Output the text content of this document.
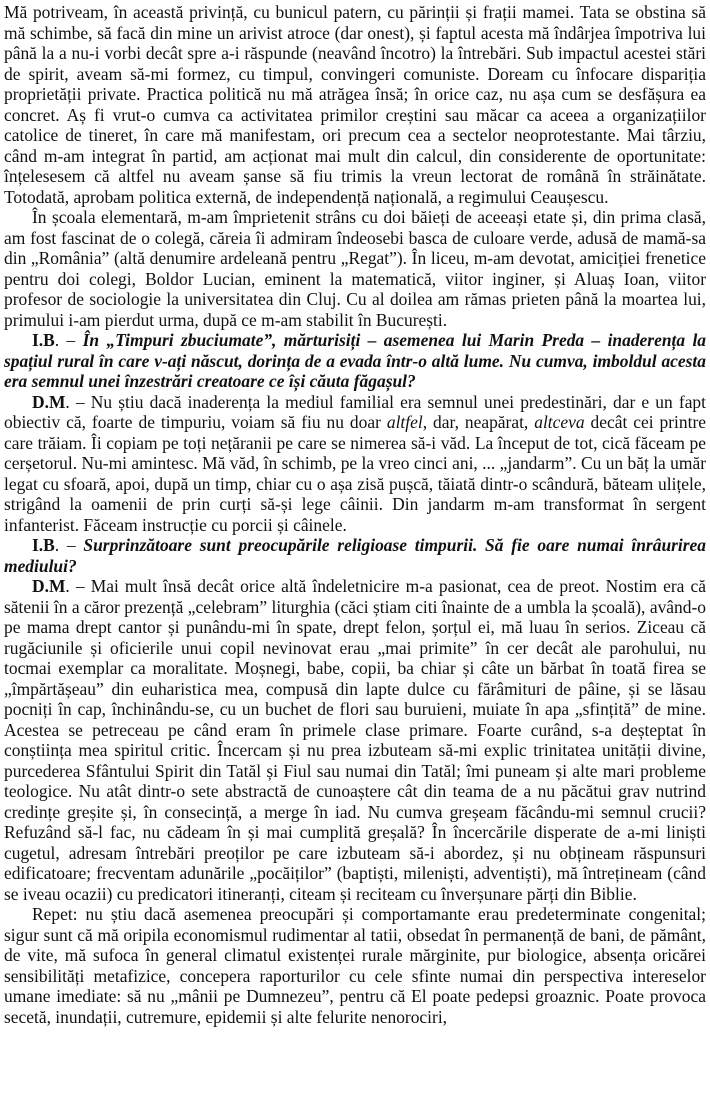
Mă potriveam, în această privință, cu bunicul patern, cu părinții și frații mamei. Tata se obstina să mă schimbe, să facă din mine un arivist atroce (dar onest), și faptul acesta mă îndârjea împotriva lui până la a nu-i vorbi decât spre a-i răspunde (neavând încotro) la întrebări. Sub impactul acestei stări de spirit, aveam să-mi formez, cu timpul, convingeri comuniste. Doream cu înfocare dispariția proprietății private. Practica politică nu mă atrăgea însă; în orice caz, nu așa cum se desfășura ea concret. Aș fi vrut-o cumva ca activitatea primilor creștini sau măcar ca aceea a organizațiilor catolice de tineret, în care mă manifestam, ori precum cea a sectelor neoprotestante. Mai târziu, când m-am integrat în partid, am acționat mai mult din calcul, din considerente de oportunitate: înțelesesem că altfel nu aveam șanse să fiu trimis la vreun lectorat de română în străinătate. Totodată, aprobam politica externă, de independență națională, a regimului Ceaușescu.

În școala elementară, m-am împrietenit strâns cu doi băieți de aceeași etate și, din prima clasă, am fost fascinat de o colegă, căreia îi admiram îndeosebi basca de culoare verde, adusă de mamă-sa din „România” (altă denumire ardeleană pentru „Regat”). În liceu, m-am devotat, amiciției frenetice pentru doi colegi, Boldor Lucian, eminent la matematică, viitor inginer, și Aluaș Ioan, viitor profesor de sociologie la universitatea din Cluj. Cu al doilea am rămas prieten până la moartea lui, primului i-am pierdut urma, după ce m-am stabilit în București.

I.B. – În „Timpuri zbuciumate”, mărturisiți – asemenea lui Marin Preda – inaderența la spațiul rural în care v-ați născut, dorința de a evada într-o altă lume. Nu cumva, imboldul acesta era semnul unei înzestrări creatoare ce își căuta făgașul?

D.M. – Nu știu dacă inaderența la mediul familial era semnul unei predestinări, dar e un fapt obiectiv că, foarte de timpuriu, voiam să fiu nu doar altfel, dar, neapărat, altceva decât cei printre care trăiam. Îi copiam pe toți nețăranii pe care se nimerea să-i văd. La început de tot, cică făceam pe cerșetorul. Nu-mi amintesc. Mă văd, în schimb, pe la vreo cinci ani, ... „jandarm”. Cu un băț la umăr legat cu sfoară, apoi, după un timp, chiar cu o așa zisă pușcă, tăiată dintr-o scândură, băteam ulițele, strigând la oamenii de prin curți să-și lege câinii. Din jandarm m-am transformat în sergent infanterist. Făceam instrucție cu porcii și câinele.

I.B. – Surprinzătoare sunt preocupările religioase timpurii. Să fie oare numai înrâurirea mediului?

D.M. – Mai mult însă decât orice altă îndeletnicire m-a pasionat, cea de preot. Nostim era că sătenii în a căror prezență „celebram” liturghia (căci știam citi înainte de a umbla la școală), având-o pe mama drept cantor și punându-mi în spate, drept felon, șorțul ei, mă luau în serios. Ziceau că rugăciunile și oficierile unui copil nevinovat erau „mai primite” în cer decât ale parohului, nu tocmai exemplar ca moralitate. Moșnegi, babe, copii, ba chiar și câte un bărbat în toată firea se „împărtășeau” din euharistica mea, compusă din lapte dulce cu fărâmituri de pâine, și se lăsau pocniți în cap, închinându-se, cu un buchet de flori sau buruieni, muiate în apa „sfințită” de mine. Acestea se petreceau pe când eram în primele clase primare. Foarte curând, s-a deșteptat în conștiința mea spiritul critic. Încercam și nu prea izbuteam să-mi explic trinitatea unității divine, purcederea Sfântului Spirit din Tatăl și Fiul sau numai din Tatăl; îmi puneam și alte mari probleme teologice. Nu atât dintr-o sete abstractă de cunoaștere cât din teama de a nu păcătui grav nutrind credințe greșite și, în consecință, a merge în iad. Nu cumva greșeam făcându-mi semnul crucii? Refuzând să-l fac, nu cădeam în și mai cumplită greșală? În încercările disperate de a-mi liniști cugetul, adresam întrebări preoților pe care izbuteam să-i abordez, și nu obțineam răspunsuri edificatoare; frecventam adunările „pocăiților” (baptiști, mileniști, adventiști), mă întrețineam (când se iveau ocazii) cu predicatori itineranți, citeam și reciteam cu înverșunare părți din Biblie.

Repet: nu știu dacă asemenea preocupări și comportamante erau predeterminate congenital; sigur sunt că mă oripila economismul rudimentar al tatii, obsedat în permanență de bani, de pământ, de vite, mă sufoca în general climatul existenței rurale mărginite, pur biologice, absența oricărei sensibilități metafizice, concepera raporturilor cu cele sfinte numai din perspectiva intereselor umane imediate: să nu „mânii pe Dumnezeu”, pentru că El poate pedepsi groaznic. Poate provoca secetă, inundații, cutremure, epidemii și alte felurite nenorociri,
